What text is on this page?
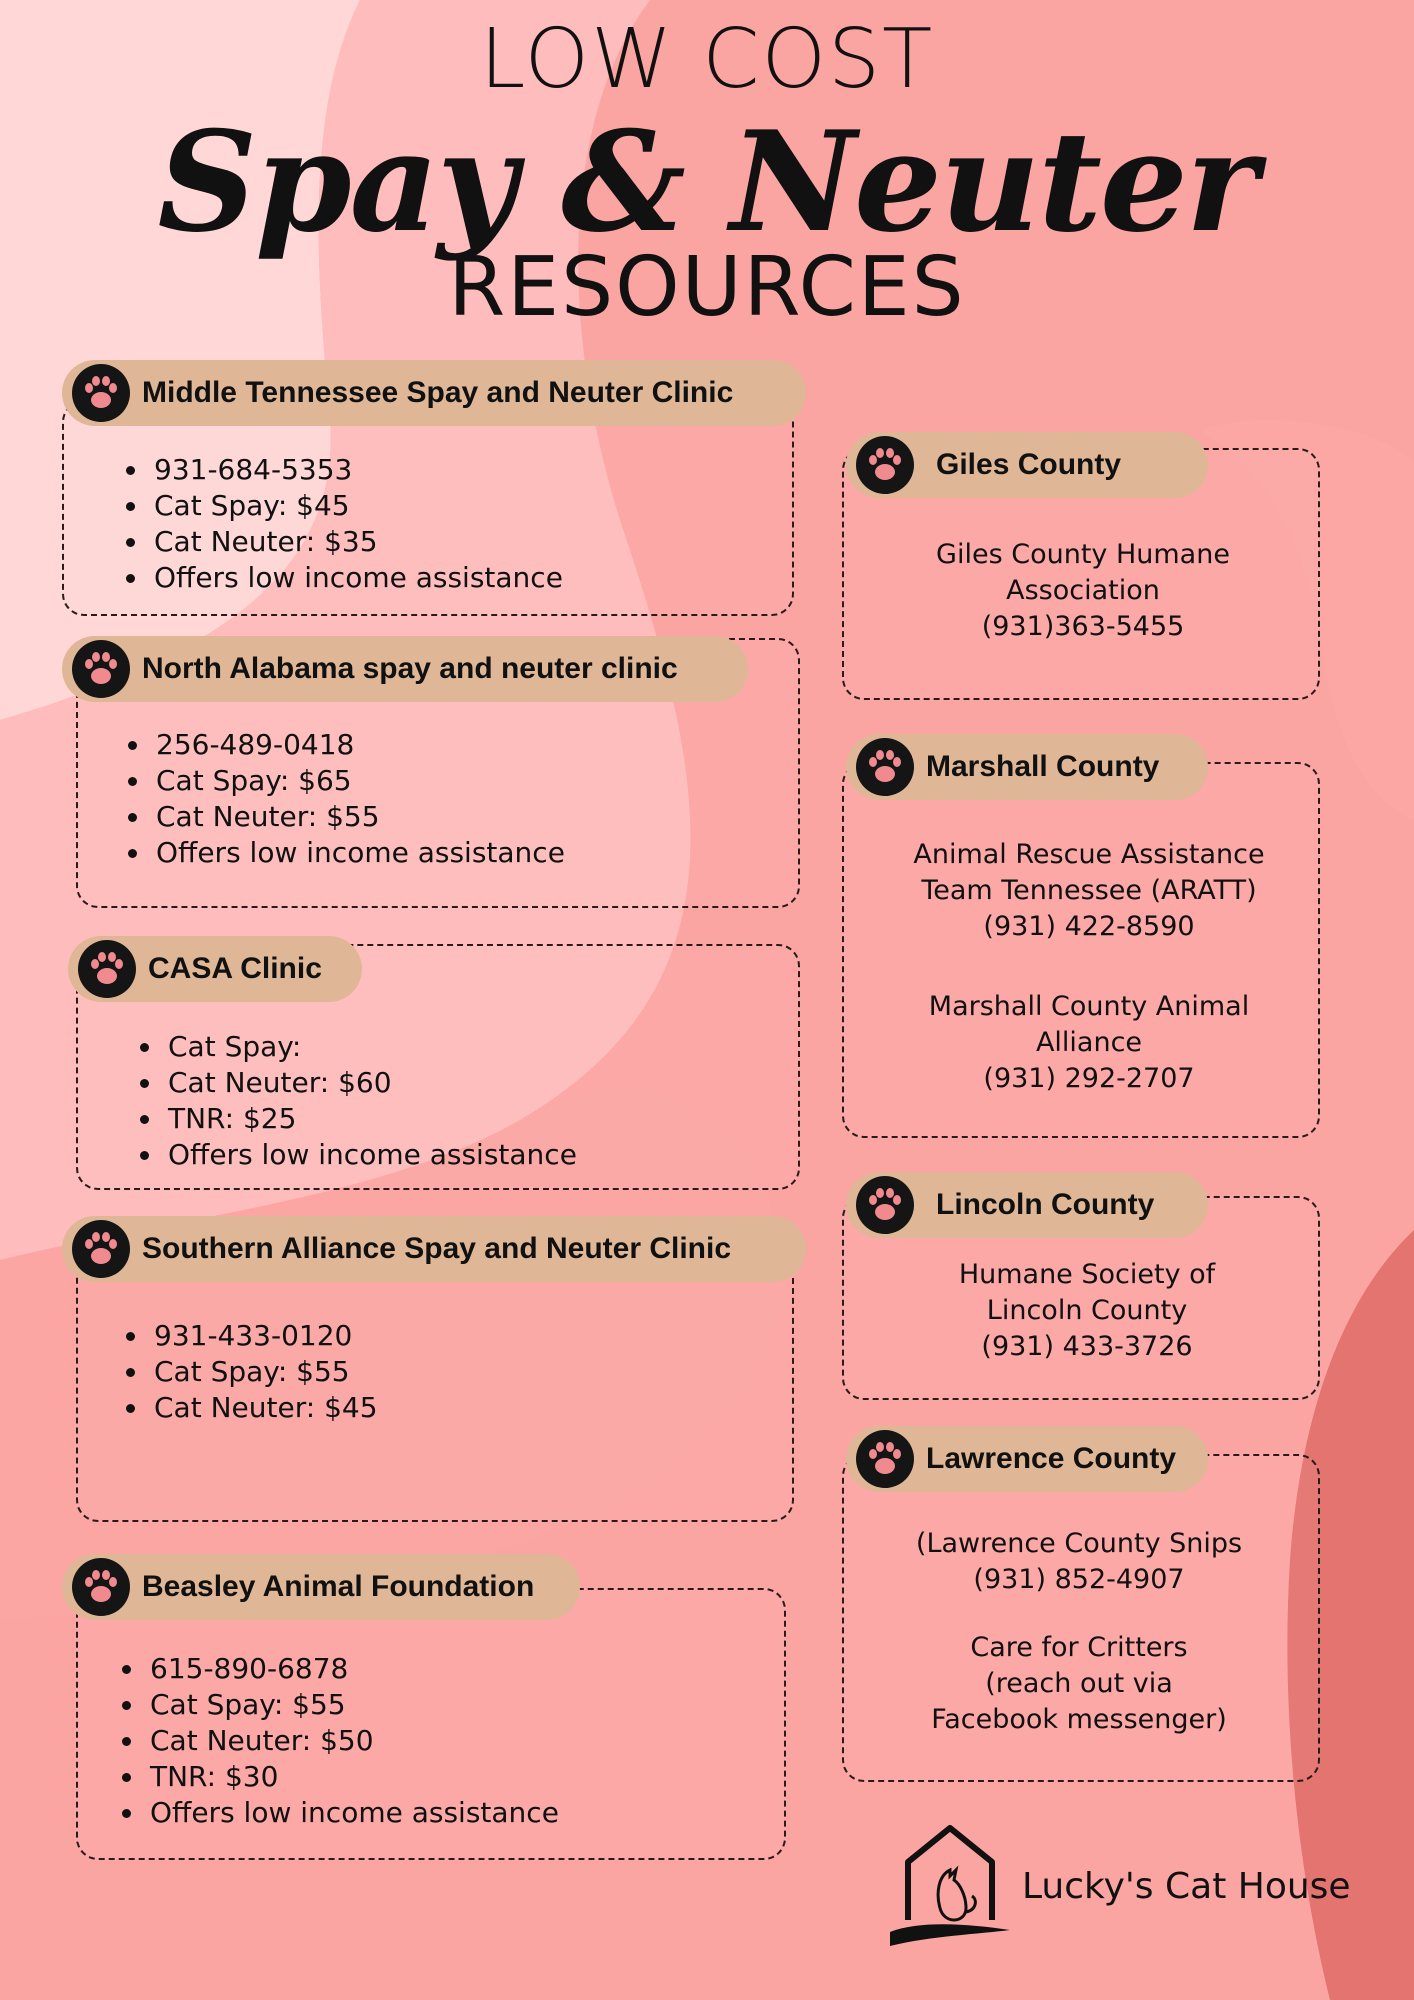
LOW COST
Spay & Neuter
RESOURCES
Middle Tennessee Spay and Neuter Clinic
• 931-684-5353
• Cat Spay: $45
• Cat Neuter: $35
• Offers low income assistance
North Alabama spay and neuter clinic
• 256-489-0418
• Cat Spay: $65
• Cat Neuter: $55
• Offers low income assistance
CASA Clinic
• Cat Spay:
• Cat Neuter: $60
• TNR: $25
• Offers low income assistance
Southern Alliance Spay and Neuter Clinic
• 931-433-0120
• Cat Spay: $55
• Cat Neuter: $45
Beasley Animal Foundation
• 615-890-6878
• Cat Spay: $55
• Cat Neuter: $50
• TNR: $30
• Offers low income assistance
Giles County

Giles County Humane

Association

(931)363-5455

Marshall County

Animal Rescue Assistance

Team Tennessee (ARATT)

(931) 422-8590

Marshall County Animal

Alliance

(931) 292-2707

Lincoln County

Humane Society of

Lincoln County

(931) 433-3726

Lawrence County

(Lawrence County Snips

(931) 852-4907

Care for Critters

(reach out via

Facebook messenger)

Lucky's Cat House
